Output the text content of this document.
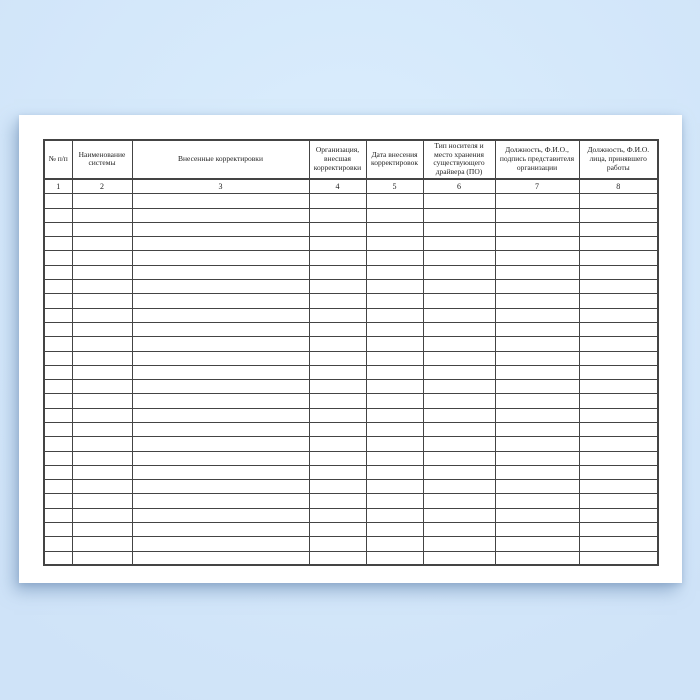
№ п/п	Наименование системы	Внесенные корректировки	Организация, внесшая корректировки	Дата внесения корректировок	Тип носителя и место хранения существующего драйвера (ПО)	Должность, Ф.И.О., подпись представителя организации	Должность, Ф.И.О. лица, принявшего работы
1	2	3	4	5	6	7	8
